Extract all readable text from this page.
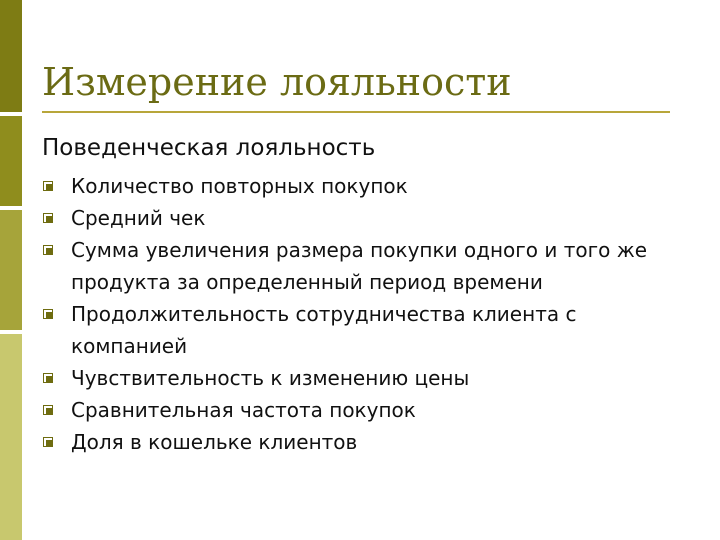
Измерение лояльности
Поведенческая лояльность
Количество повторных покупок
Средний чек
Сумма увеличения размера покупки одного и того же продукта за определенный период времени
Продолжительность сотрудничества клиента с компанией
Чувствительность к изменению цены
Сравнительная частота покупок
Доля в кошельке клиентов
